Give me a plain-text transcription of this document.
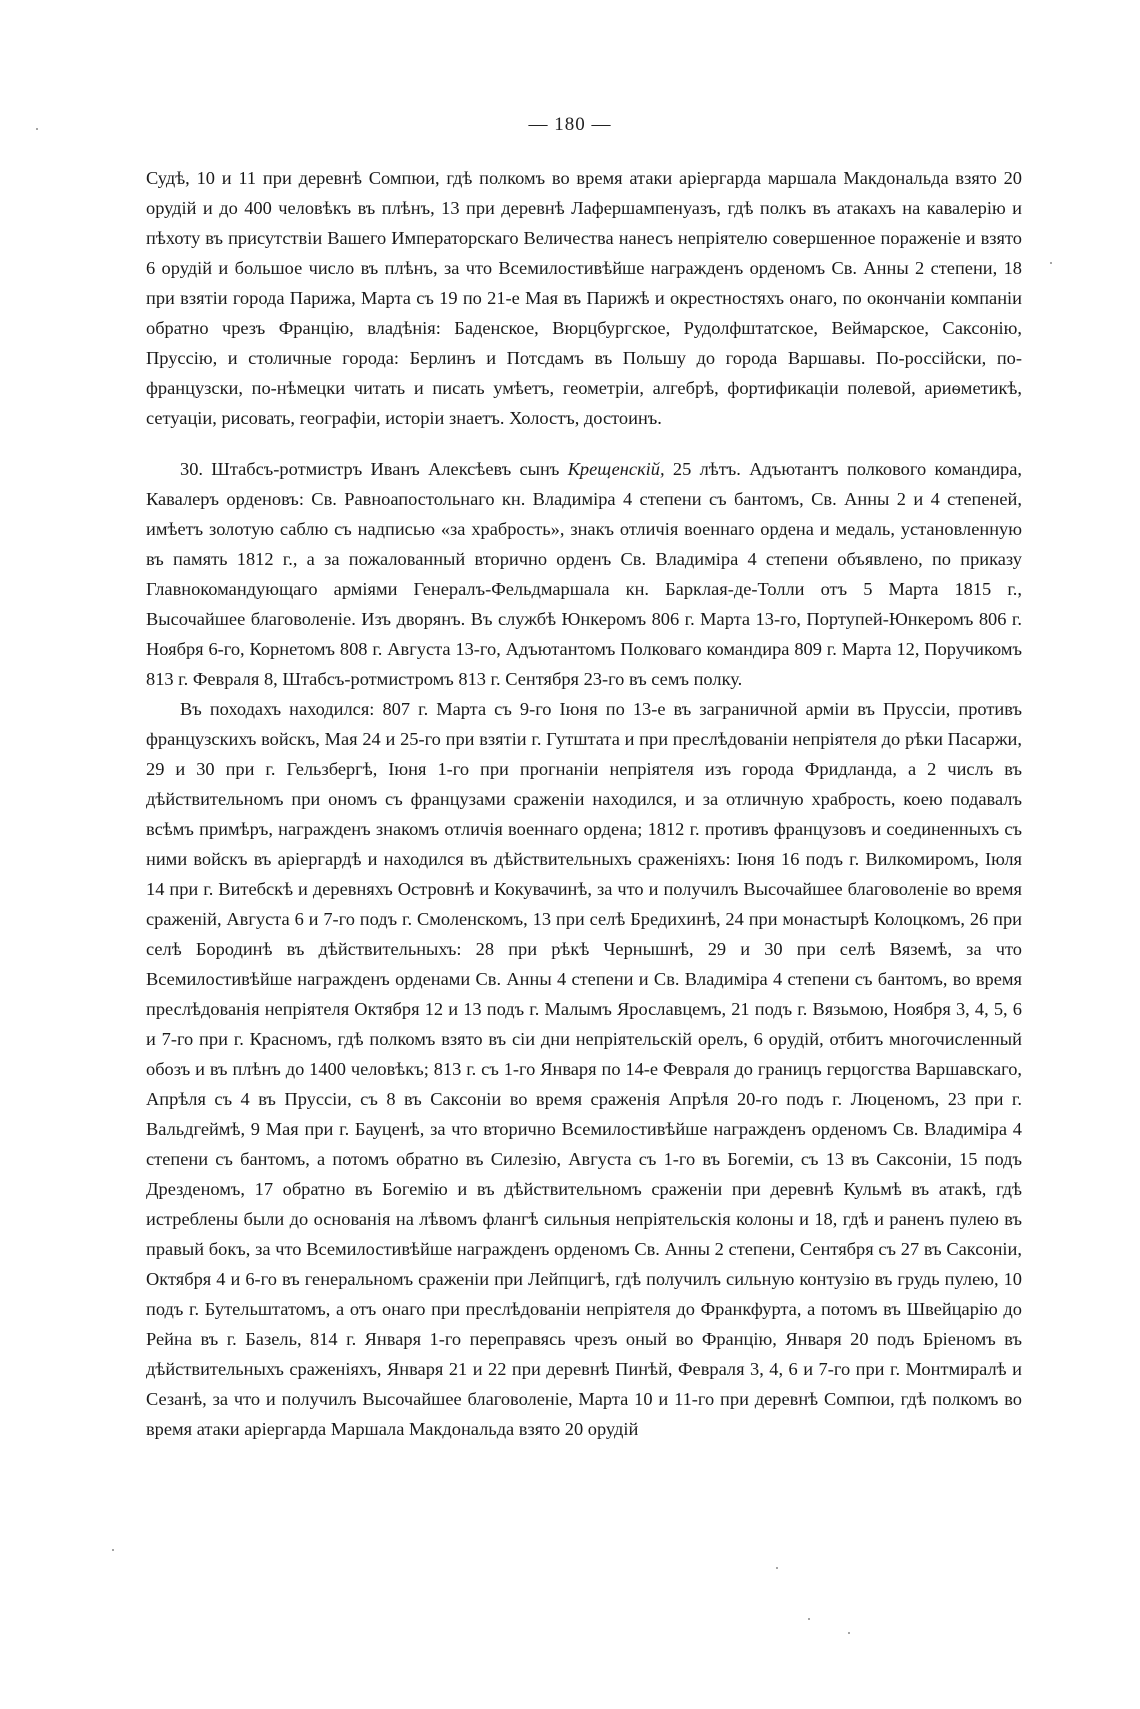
— 180 —

Судѣ, 10 и 11 при деревнѣ Сомпюи, гдѣ полкомъ во время атаки аріергарда маршала Макдональда взято 20 орудій и до 400 человѣкъ въ плѣнъ, 13 при деревнѣ Лафершампенуазъ, гдѣ полкъ въ атакахъ на кавалерію и пѣхоту въ присутствіи Вашего Императорскаго Величества нанесъ непріятелю совершенное пораженіе и взято 6 орудій и большое число въ плѣнъ, за что Всемилостивѣйше награжденъ орденомъ Св. Анны 2 степени, 18 при взятіи города Парижа, Марта съ 19 по 21-е Мая въ Парижѣ и окрестностяхъ онаго, по окончаніи компаніи обратно чрезъ Францію, владѣнія: Баденское, Вюрцбургское, Рудолфштатское, Веймарское, Саксонію, Пруссію, и столичные города: Берлинъ и Потсдамъ въ Польшу до города Варшавы. По-россійски, по-французски, по-нѣмецки читать и писать умѣетъ, геометріи, алгебрѣ, фортификаціи полевой, ариѳметикѣ, сетуаціи, рисовать, географіи, исторіи знаетъ. Холостъ, достоинъ.

30. Штабсъ-ротмистръ Иванъ Алексѣевъ сынъ Крещенскій, 25 лѣтъ. Адъютантъ полкового командира, Кавалеръ орденовъ: Св. Равноапостольнаго кн. Владиміра 4 степени съ бантомъ, Св. Анны 2 и 4 степеней, имѣетъ золотую саблю съ надписью «за храбрость», знакъ отличія военнаго ордена и медаль, установленную въ память 1812 г., а за пожалованный вторично орденъ Св. Владиміра 4 степени объявлено, по приказу Главнокомандующаго арміями Генералъ-Фельдмаршала кн. Барклая-де-Толли отъ 5 Марта 1815 г., Высочайшее благоволеніе. Изъ дворянъ. Въ службѣ Юнкеромъ 806 г. Марта 13-го, Портупей-Юнкеромъ 806 г. Ноября 6-го, Корнетомъ 808 г. Августа 13-го, Адъютантомъ Полковаго командира 809 г. Марта 12, Поручикомъ 813 г. Февраля 8, Штабсъ-ротмистромъ 813 г. Сентября 23-го въ семъ полку.

Въ походахъ находился: 807 г. Марта съ 9-го Іюня по 13-е въ заграничной арміи въ Пруссіи, противъ французскихъ войскъ, Мая 24 и 25-го при взятіи г. Гутштата и при преслѣдованіи непріятеля до рѣки Пасаржи, 29 и 30 при г. Гельзбергѣ, Іюня 1-го при прогнаніи непріятеля изъ города Фридланда, а 2 числъ въ дѣйствительномъ при ономъ съ французами сраженіи находился, и за отличную храбрость, коею подавалъ всѣмъ примѣръ, награжденъ знакомъ отличія военнаго ордена; 1812 г. противъ французовъ и соединенныхъ съ ними войскъ въ аріергардѣ и находился въ дѣйствительныхъ сраженіяхъ: Іюня 16 подъ г. Вилкомиромъ, Іюля 14 при г. Витебскѣ и деревняхъ Островнѣ и Кокувачинѣ, за что и получилъ Высочайшее благоволеніе во время сраженій, Августа 6 и 7-го подъ г. Смоленскомъ, 13 при селѣ Бредихинѣ, 24 при монастырѣ Колоцкомъ, 26 при селѣ Бородинѣ въ дѣйствительныхъ: 28 при рѣкѣ Чернышнѣ, 29 и 30 при селѣ Вяземѣ, за что Всемилостивѣйше награжденъ орденами Св. Анны 4 степени и Св. Владиміра 4 степени съ бантомъ, во время преслѣдованія непріятеля Октября 12 и 13 подъ г. Малымъ Ярославцемъ, 21 подъ г. Вязьмою, Ноября 3, 4, 5, 6 и 7-го при г. Красномъ, гдѣ полкомъ взято въ сіи дни непріятельскій орелъ, 6 орудій, отбитъ многочисленный обозъ и въ плѣнъ до 1400 человѣкъ; 813 г. съ 1-го Января по 14-е Февраля до границъ герцогства Варшавскаго, Апрѣля съ 4 въ Пруссіи, съ 8 въ Саксоніи во время сраженія Апрѣля 20-го подъ г. Люценомъ, 23 при г. Вальдгеймѣ, 9 Мая при г. Бауценѣ, за что вторично Всемилостивѣйше награжденъ орденомъ Св. Владиміра 4 степени съ бантомъ, а потомъ обратно въ Силезію, Августа съ 1-го въ Богеміи, съ 13 въ Саксоніи, 15 подъ Дрезденомъ, 17 обратно въ Богемію и въ дѣйствительномъ сраженіи при деревнѣ Кульмѣ въ атакѣ, гдѣ истреблены были до основанія на лѣвомъ флангѣ сильныя непріятельскія колоны и 18, гдѣ и раненъ пулею въ правый бокъ, за что Всемилостивѣйше награжденъ орденомъ Св. Анны 2 степени, Сентября съ 27 въ Саксоніи, Октября 4 и 6-го въ генеральномъ сраженіи при Лейпцигѣ, гдѣ получилъ сильную контузію въ грудь пулею, 10 подъ г. Бутельштатомъ, а отъ онаго при преслѣдованіи непріятеля до Франкфурта, а потомъ въ Швейцарію до Рейна въ г. Базель, 814 г. Января 1-го переправясь чрезъ оный во Францію, Января 20 подъ Бріеномъ въ дѣйствительныхъ сраженіяхъ, Января 21 и 22 при деревнѣ Пинѣй, Февраля 3, 4, 6 и 7-го при г. Монтмиралѣ и Сезанѣ, за что и получилъ Высочайшее благоволеніе, Марта 10 и 11-го при деревнѣ Сомпюи, гдѣ полкомъ во время атаки аріергарда Маршала Макдональда взято 20 орудій
